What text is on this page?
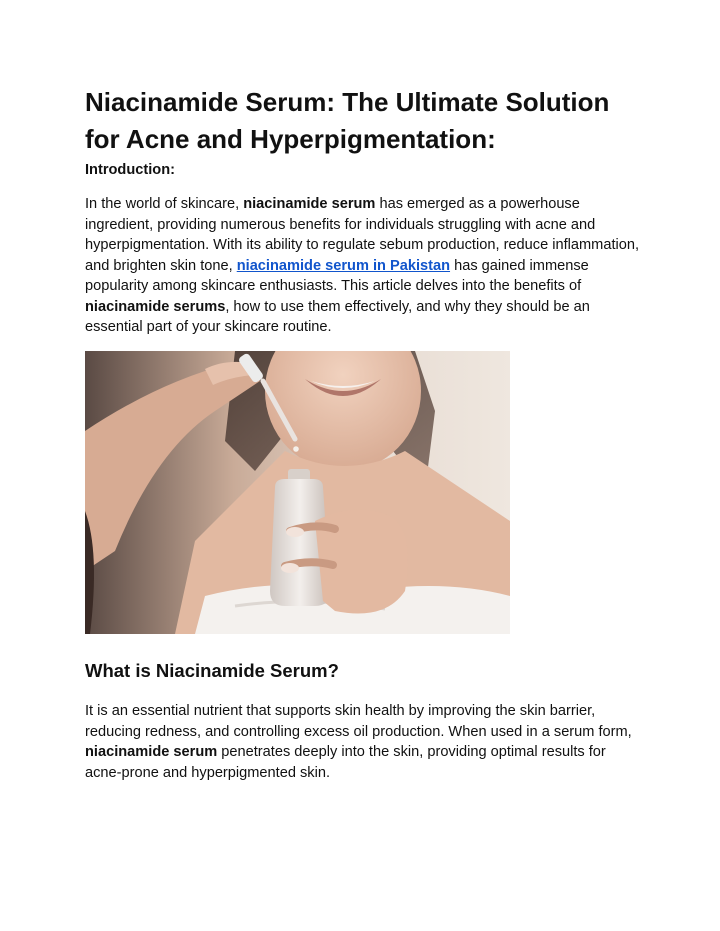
Niacinamide Serum: The Ultimate Solution for Acne and Hyperpigmentation:

Introduction:

In the world of skincare, niacinamide serum has emerged as a powerhouse ingredient, providing numerous benefits for individuals struggling with acne and hyperpigmentation. With its ability to regulate sebum production, reduce inflammation, and brighten skin tone, niacinamide serum in Pakistan has gained immense popularity among skincare enthusiasts. This article delves into the benefits of niacinamide serums, how to use them effectively, and why they should be an essential part of your skincare routine.

What is Niacinamide Serum?

It is an essential nutrient that supports skin health by improving the skin barrier, reducing redness, and controlling excess oil production. When used in a serum form, niacinamide serum penetrates deeply into the skin, providing optimal results for acne-prone and hyperpigmented skin.
